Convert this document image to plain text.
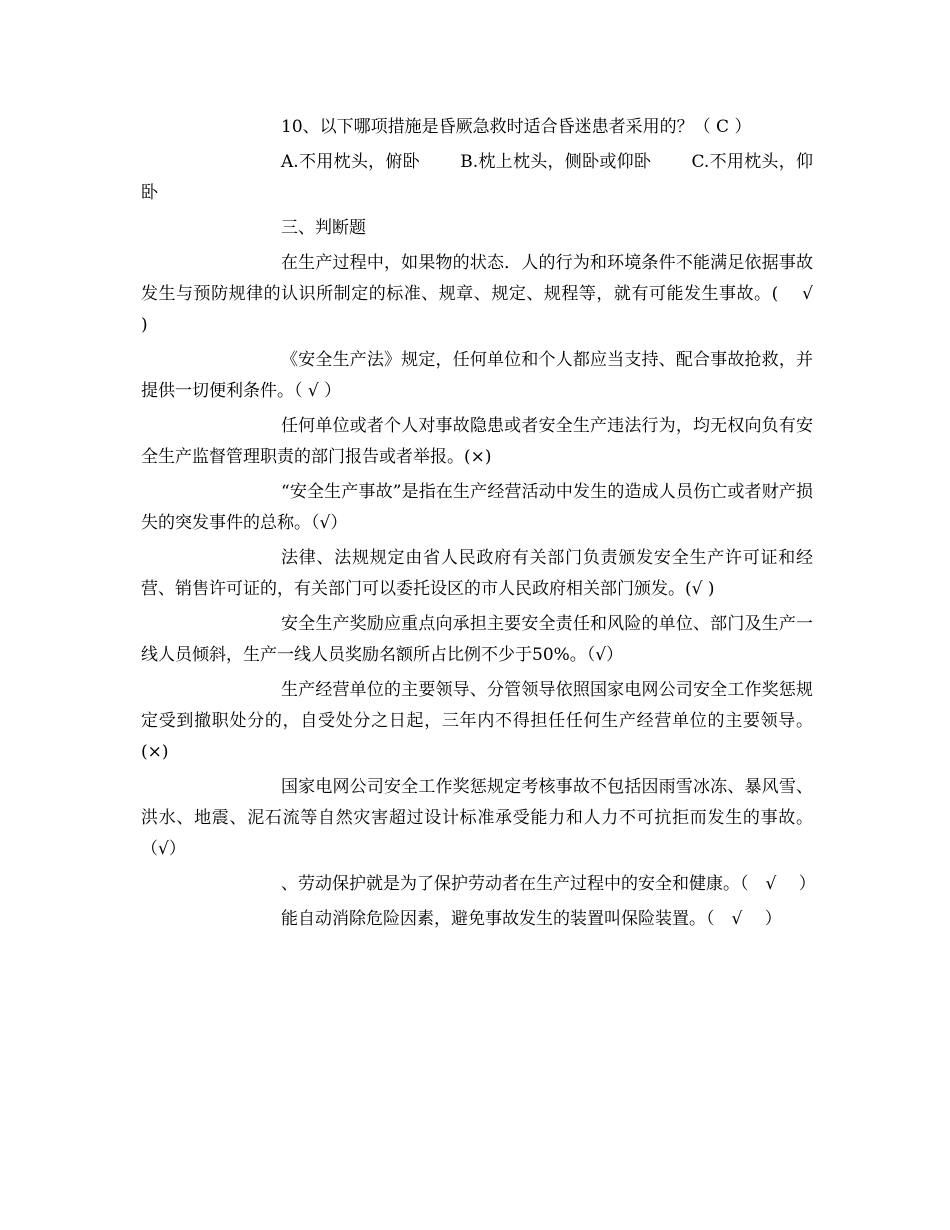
10、以下哪项措施是昏厥急救时适合昏迷患者采用的？（ C ）

A.不用枕头，俯卧　　 B.枕上枕头，侧卧或仰卧　　 C.不用枕头，仰卧

三、判断题

在生产过程中，如果物的状态．人的行为和环境条件不能满足依据事故发生与预防规律的认识所制定的标准、规章、规定、规程等，就有可能发生事故。(　 √　 )

《安全生产法》规定，任何单位和个人都应当支持、配合事故抢救，并提供一切便利条件。（ √ ）

任何单位或者个人对事故隐患或者安全生产违法行为，均无权向负有安全生产监督管理职责的部门报告或者举报。(×)

“安全生产事故”是指在生产经营活动中发生的造成人员伤亡或者财产损失的突发事件的总称。（√）

法律、法规规定由省人民政府有关部门负责颁发安全生产许可证和经营、销售许可证的，有关部门可以委托设区的市人民政府相关部门颁发。(√ )

安全生产奖励应重点向承担主要安全责任和风险的单位、部门及生产一线人员倾斜，生产一线人员奖励名额所占比例不少于50%。（√）

生产经营单位的主要领导、分管领导依照国家电网公司安全工作奖惩规定受到撤职处分的，自受处分之日起，三年内不得担任任何生产经营单位的主要领导。(×)

国家电网公司安全工作奖惩规定考核事故不包括因雨雪冰冻、暴风雪、洪水、地震、泥石流等自然灾害超过设计标准承受能力和人力不可抗拒而发生的事故。（√）

、劳动保护就是为了保护劳动者在生产过程中的安全和健康。（　√　 ）

能自动消除危险因素，避免事故发生的装置叫保险装置。（　√　 ）
